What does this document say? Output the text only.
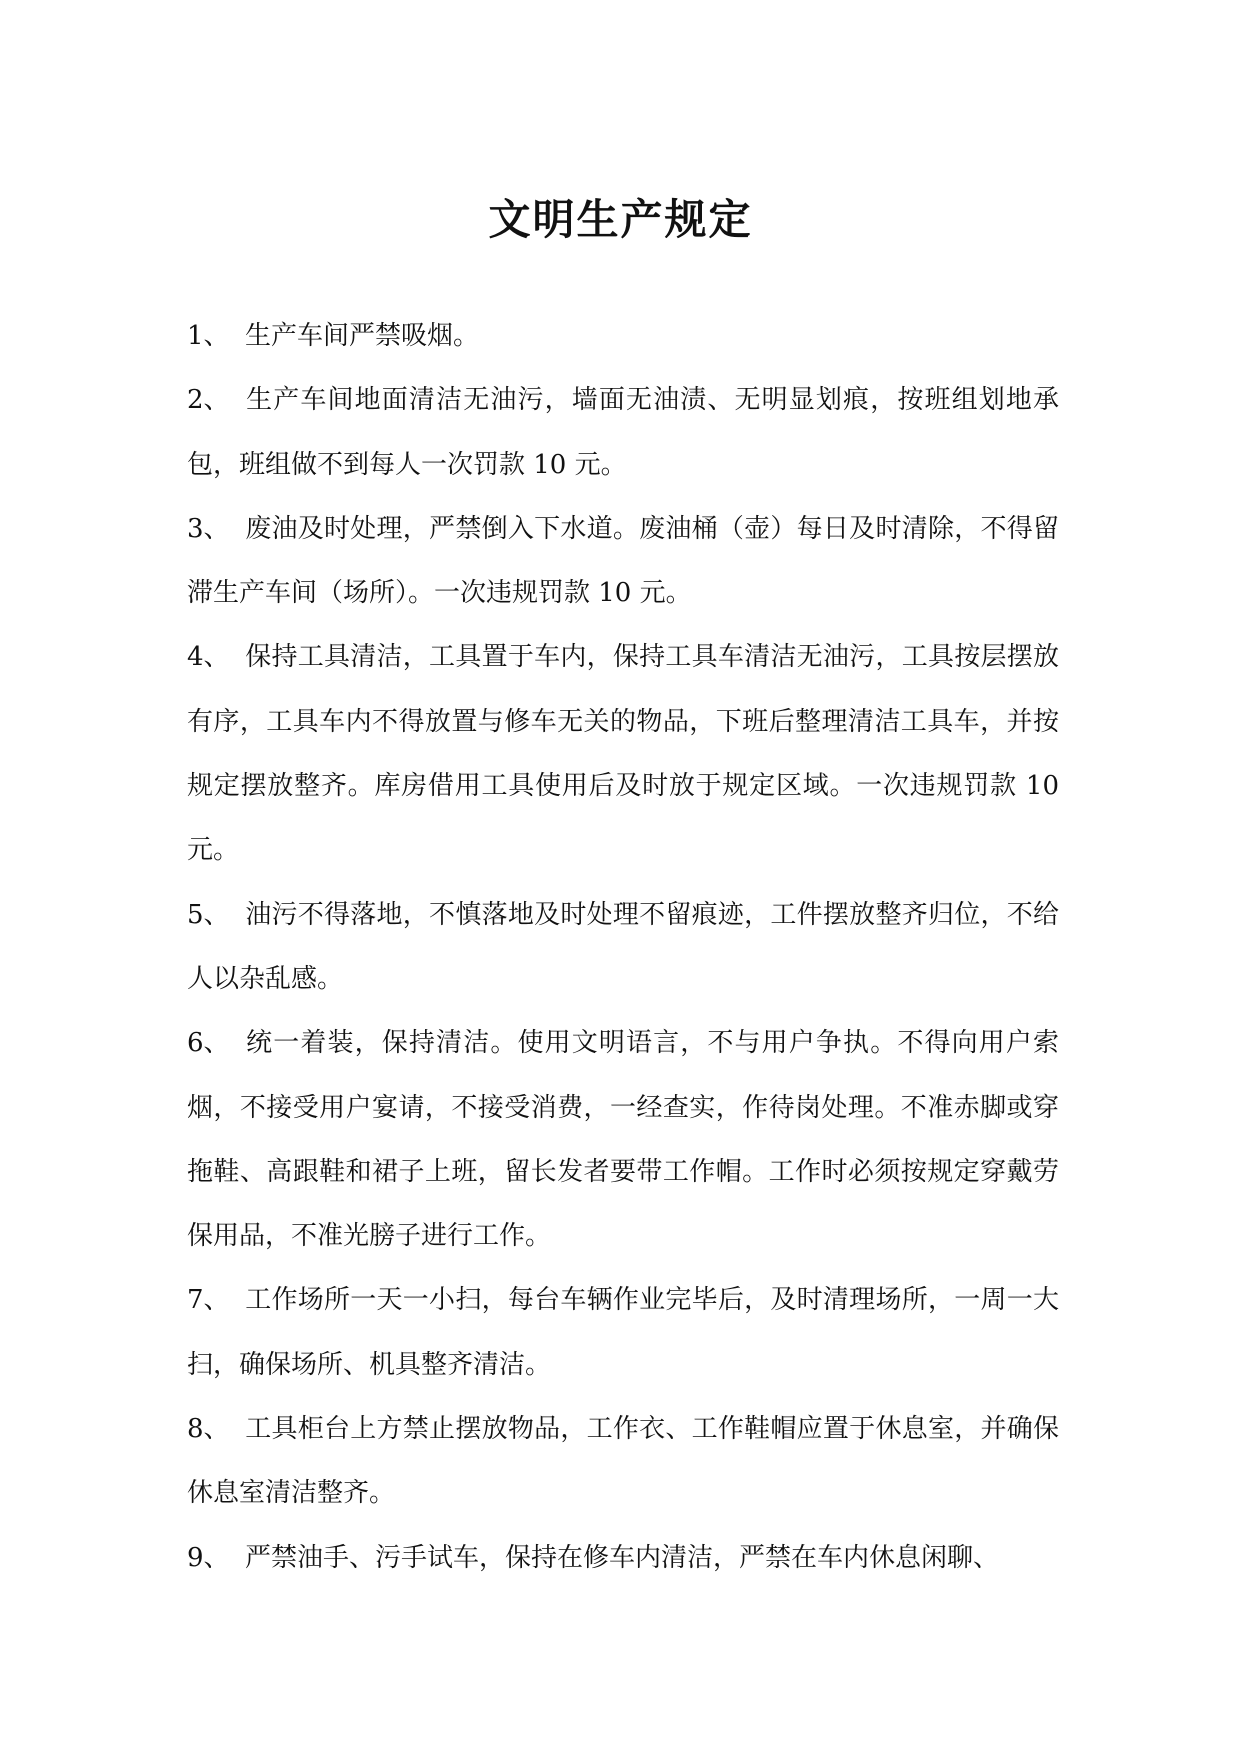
文明生产规定
1、 生产车间严禁吸烟。
2、 生产车间地面清洁无油污，墙面无油渍、无明显划痕，按班组划地承包，班组做不到每人一次罚款 10 元。
3、 废油及时处理，严禁倒入下水道。废油桶（壶）每日及时清除，不得留滞生产车间（场所）。一次违规罚款 10 元。
4、 保持工具清洁，工具置于车内，保持工具车清洁无油污，工具按层摆放有序，工具车内不得放置与修车无关的物品，下班后整理清洁工具车，并按规定摆放整齐。库房借用工具使用后及时放于规定区域。一次违规罚款 10 元。
5、 油污不得落地，不慎落地及时处理不留痕迹，工件摆放整齐归位，不给人以杂乱感。
6、 统一着装，保持清洁。使用文明语言，不与用户争执。不得向用户索烟，不接受用户宴请，不接受消费，一经查实，作待岗处理。不准赤脚或穿拖鞋、高跟鞋和裙子上班，留长发者要带工作帽。工作时必须按规定穿戴劳保用品，不准光膀子进行工作。
7、 工作场所一天一小扫，每台车辆作业完毕后，及时清理场所，一周一大扫，确保场所、机具整齐清洁。
8、 工具柜台上方禁止摆放物品，工作衣、工作鞋帽应置于休息室，并确保休息室清洁整齐。
9、 严禁油手、污手试车，保持在修车内清洁，严禁在车内休息闲聊、
